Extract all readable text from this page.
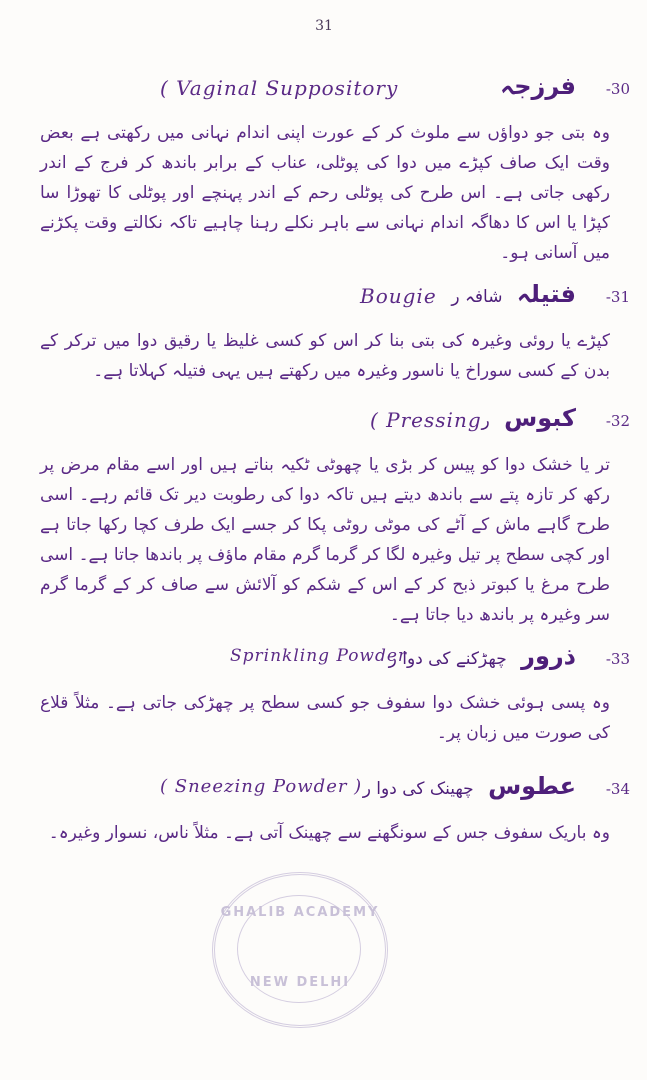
31
-30
فرزجہ
( Vaginal Suppository
وہ بتی جو دواؤں سے ملوث کر کے عورت اپنی اندام نہانی میں رکھتی ہے بعض وقت ایک صاف کپڑے میں دوا کی پوٹلی، عناب کے برابر باندھ کر فرج کے اندر رکھی جاتی ہے۔ اس طرح کی پوٹلی رحم کے اندر پہنچے اور پوٹلی کا تھوڑا سا کپڑا یا اس کا دھاگہ اندام نہانی سے باہر نکلے رہنا چاہیے تاکہ نکالتے وقت پکڑنے میں آسانی ہو۔
-31
فتیلہ شافہ ر
Bougie
کپڑے یا روئی وغیرہ کی بتی بنا کر اس کو کسی غلیظ یا رقیق دوا میں ترکر کے بدن کے کسی سوراخ یا ناسور وغیرہ میں رکھتے ہیں یہی فتیلہ کہلاتا ہے۔
-32
کبوس ر
( Pressing
تر یا خشک دوا کو پیس کر بڑی یا چھوٹی ٹکیہ بناتے ہیں اور اسے مقام مرض پر رکھ کر تازہ پتے سے باندھ دیتے ہیں تاکہ دوا کی رطوبت دیر تک قائم رہے۔ اسی طرح گاہے ماش کے آٹے کی موٹی روٹی پکا کر جسے ایک طرف کچا رکھا جاتا ہے اور کچی سطح پر تیل وغیرہ لگا کر گرما گرم مقام ماؤف پر باندھا جاتا ہے۔ اسی طرح مرغ یا کبوتر ذبح کر کے اس کے شکم کو آلائش سے صاف کر کے گرما گرم سر وغیرہ پر باندھ دیا جاتا ہے۔
-33
ذرور چھڑکنے کی دوا ر
Sprinkling Powder
وہ پسی ہوئی خشک دوا سفوف جو کسی سطح پر چھڑکی جاتی ہے۔ مثلاً قلاع کی صورت میں زبان پر۔
-34
عطوس چھینک کی دوا ر
( Sneezing Powder )
وہ باریک سفوف جس کے سونگھنے سے چھینک آتی ہے۔ مثلاً ناس، نسوار وغیرہ۔
GHALIB ACADEMY
NEW DELHI
